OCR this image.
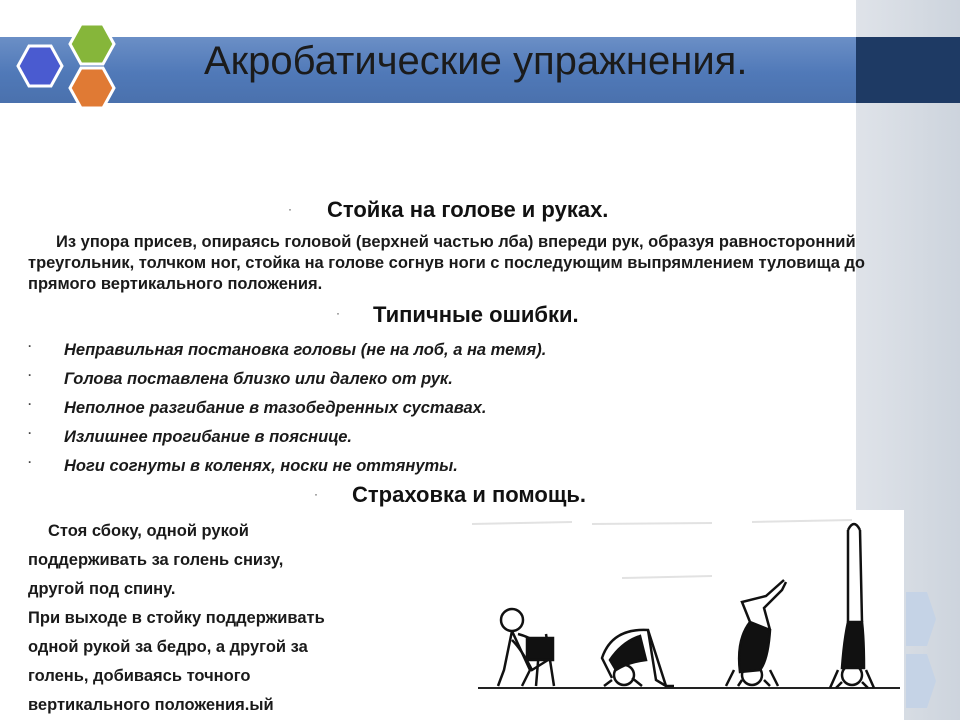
Акробатические упражнения.
· Стойка на голове и руках.
Из упора присев, опираясь головой (верхней частью лба) впереди рук, образуя равносторонний треугольник, толчком ног, стойка на голове согнув ноги с последующим выпрямлением туловища до прямого вертикального положения.
· Типичные ошибки.
· Неправильная постановка головы (не на лоб, а на темя).
· Голова поставлена близко или далеко от рук.
· Неполное разгибание в тазобедренных суставах.
· Излишнее прогибание в пояснице.
· Ноги согнуты в коленях, носки не оттянуты.
· Страховка и помощь.
Стоя сбоку, одной рукой
поддерживать за голень снизу,
другой под спину.
При выходе в стойку поддерживать
одной рукой за бедро, а другой за
голень, добиваясь точного
вертикального положения.ый
